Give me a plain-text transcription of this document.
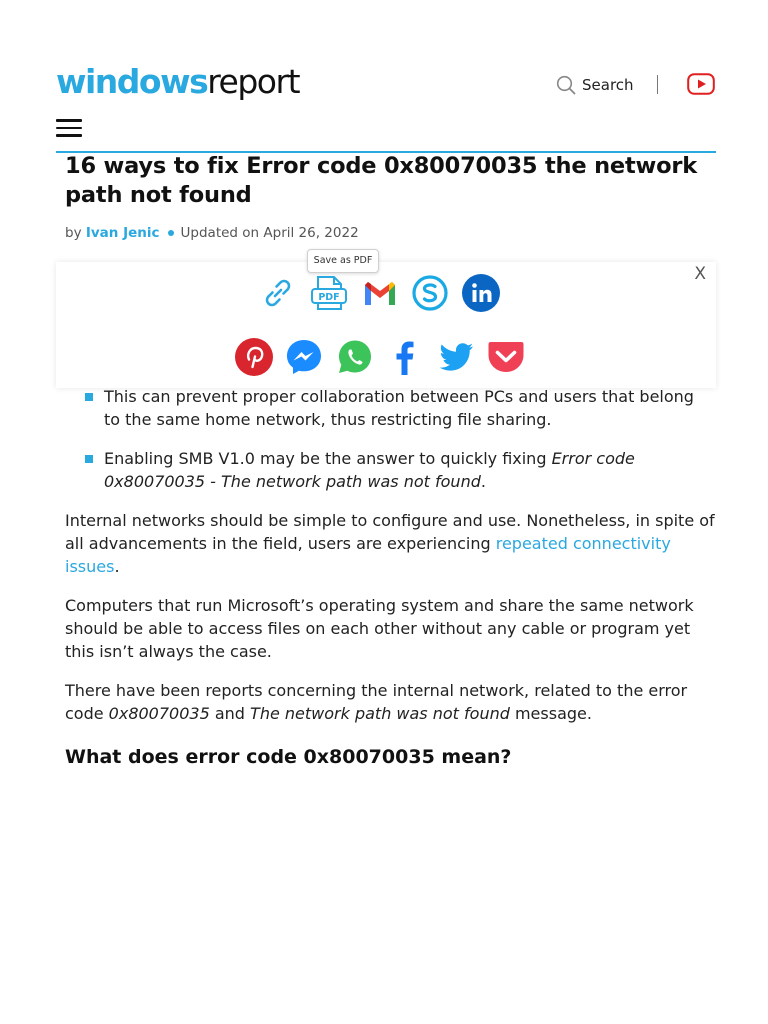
windowsreport	Search
16 ways to fix Error code 0x80070035 the network path not found
by Ivan Jenic Updated on April 26, 2022
Save as PDF
X
PDF
This can prevent proper collaboration between PCs and users that belong to the same home network, thus restricting file sharing.
Enabling SMB V1.0 may be the answer to quickly fixing Error code 0x80070035 - The network path was not found.

Internal networks should be simple to configure and use. Nonetheless, in spite of all advancements in the field, users are experiencing repeated connectivity issues.

Computers that run Microsoft’s operating system and share the same network should be able to access files on each other without any cable or program yet this isn’t always the case.

There have been reports concerning the internal network, related to the error code 0x80070035 and The network path was not found message.

What does error code 0x80070035 mean?
